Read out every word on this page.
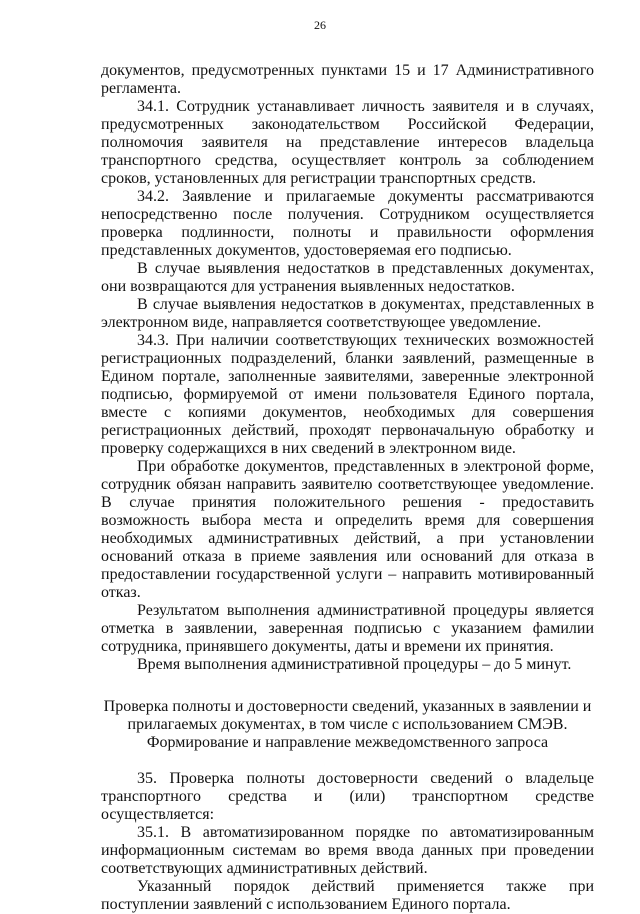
26

документов, предусмотренных пунктами 15 и 17 Административного регламента.

34.1. Сотрудник устанавливает личность заявителя и в случаях, предусмотренных законодательством Российской Федерации, полномочия заявителя на представление интересов владельца транспортного средства, осуществляет контроль за соблюдением сроков, установленных для регистрации транспортных средств.

34.2. Заявление и прилагаемые документы рассматриваются непосредственно после получения. Сотрудником осуществляется проверка подлинности, полноты и правильности оформления представленных документов, удостоверяемая его подписью.

В случае выявления недостатков в представленных документах, они возвращаются для устранения выявленных недостатков.

В случае выявления недостатков в документах, представленных в электронном виде, направляется соответствующее уведомление.

34.3. При наличии соответствующих технических возможностей регистрационных подразделений, бланки заявлений, размещенные в Едином портале, заполненные заявителями, заверенные электронной подписью, формируемой от имени пользователя Единого портала, вместе с копиями документов, необходимых для совершения регистрационных действий, проходят первоначальную обработку и проверку содержащихся в них сведений в электронном виде.

При обработке документов, представленных в электроной форме, сотрудник обязан направить заявителю соответствующее уведомление. В случае принятия положительного решения - предоставить возможность выбора места и определить время для совершения необходимых административных действий, а при установлении оснований отказа в приеме заявления или оснований для отказа в предоставлении государственной услуги – направить мотивированный отказ.

Результатом выполнения административной процедуры является отметка в заявлении, заверенная подписью с указанием фамилии сотрудника, принявшего документы, даты и времени их принятия.

Время выполнения административной процедуры – до 5 минут.

Проверка полноты и достоверности сведений, указанных в заявлении и

прилагаемых документах, в том числе с использованием СМЭВ.

Формирование и направление межведомственного запроса

35. Проверка полноты достоверности сведений о владельце транспортного средства и (или) транспортном средстве осуществляется:

35.1. В автоматизированном порядке по автоматизированным информационным системам во время ввода данных при проведении соответствующих административных действий.

Указанный порядок действий применяется также при поступлении заявлений с использованием Единого портала.
